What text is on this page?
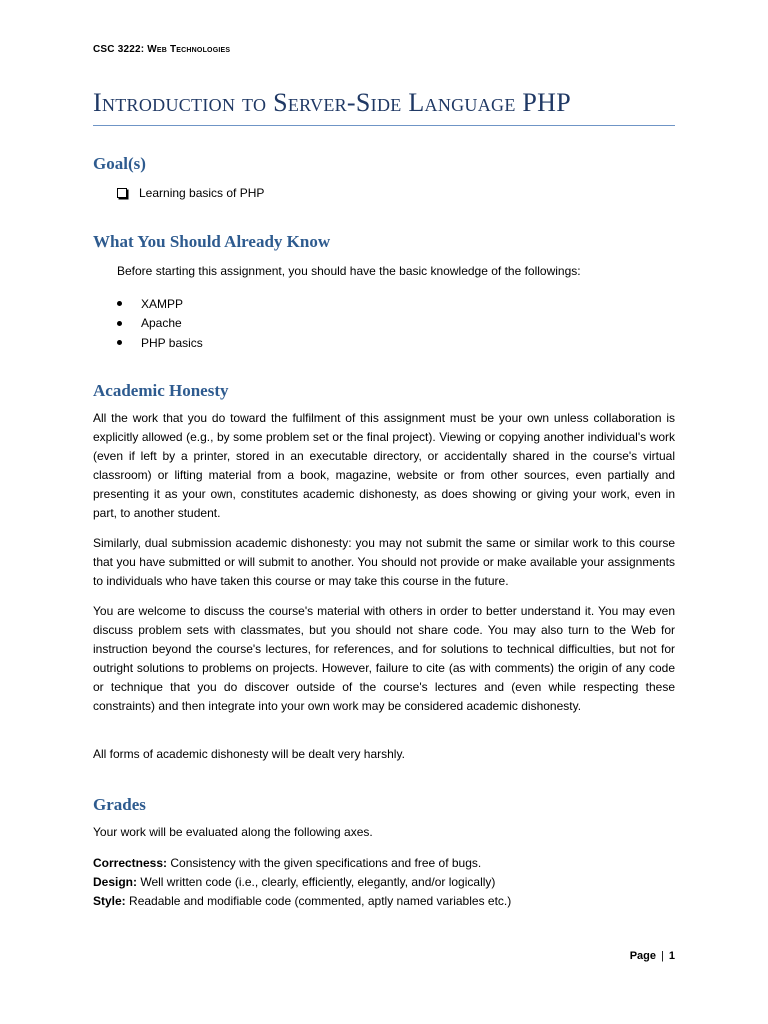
CSC 3222: Web Technologies
Introduction to Server-Side Language PHP
Goal(s)
Learning basics of PHP
What You Should Already Know
Before starting this assignment, you should have the basic knowledge of the followings:
XAMPP
Apache
PHP basics
Academic Honesty

All the work that you do toward the fulfilment of this assignment must be your own unless collaboration is explicitly allowed (e.g., by some problem set or the final project). Viewing or copying another individual's work (even if left by a printer, stored in an executable directory, or accidentally shared in the course's virtual classroom) or lifting material from a book, magazine, website or from other sources, even partially and presenting it as your own, constitutes academic dishonesty, as does showing or giving your work, even in part, to another student.

Similarly, dual submission academic dishonesty: you may not submit the same or similar work to this course that you have submitted or will submit to another. You should not provide or make available your assignments to individuals who have taken this course or may take this course in the future.

You are welcome to discuss the course's material with others in order to better understand it. You may even discuss problem sets with classmates, but you should not share code. You may also turn to the Web for instruction beyond the course's lectures, for references, and for solutions to technical difficulties, but not for outright solutions to problems on projects. However, failure to cite (as with comments) the origin of any code or technique that you do discover outside of the course's lectures and (even while respecting these constraints) and then integrate into your own work may be considered academic dishonesty.

All forms of academic dishonesty will be dealt very harshly.

Grades

Your work will be evaluated along the following axes.

Correctness: Consistency with the given specifications and free of bugs.
Design: Well written code (i.e., clearly, efficiently, elegantly, and/or logically)
Style: Readable and modifiable code (commented, aptly named variables etc.)
Page | 1
